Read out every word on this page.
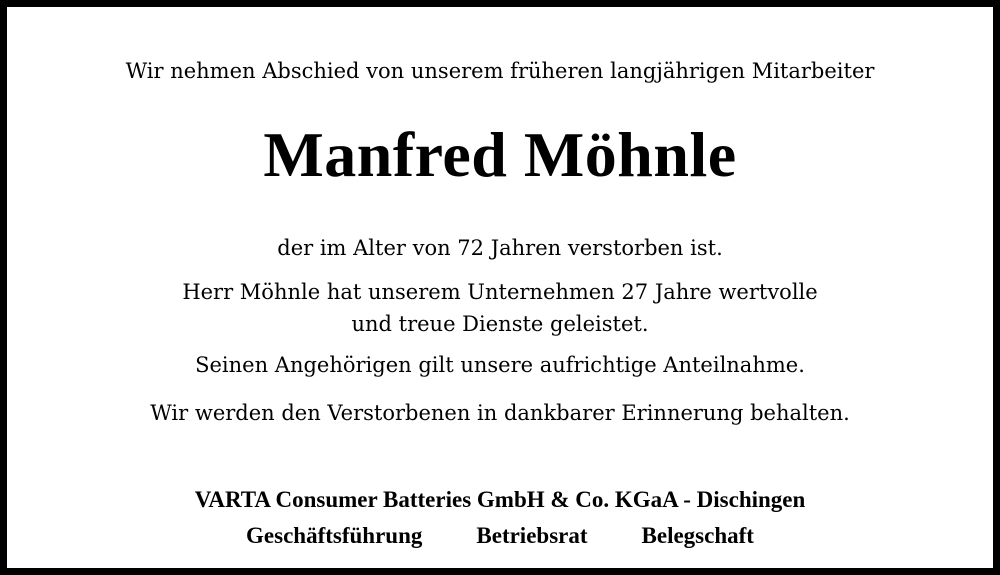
Wir nehmen Abschied von unserem früheren langjährigen Mitarbeiter

Manfred Möhnle

der im Alter von 72 Jahren verstorben ist.

Herr Möhnle hat unserem Unternehmen 27 Jahre wertvolle

und treue Dienste geleistet.

Seinen Angehörigen gilt unsere aufrichtige Anteilnahme.

Wir werden den Verstorbenen in dankbarer Erinnerung behalten.

VARTA Consumer Batteries GmbH & Co. KGaA - Dischingen

Geschäftsführung Betriebsrat Belegschaft
